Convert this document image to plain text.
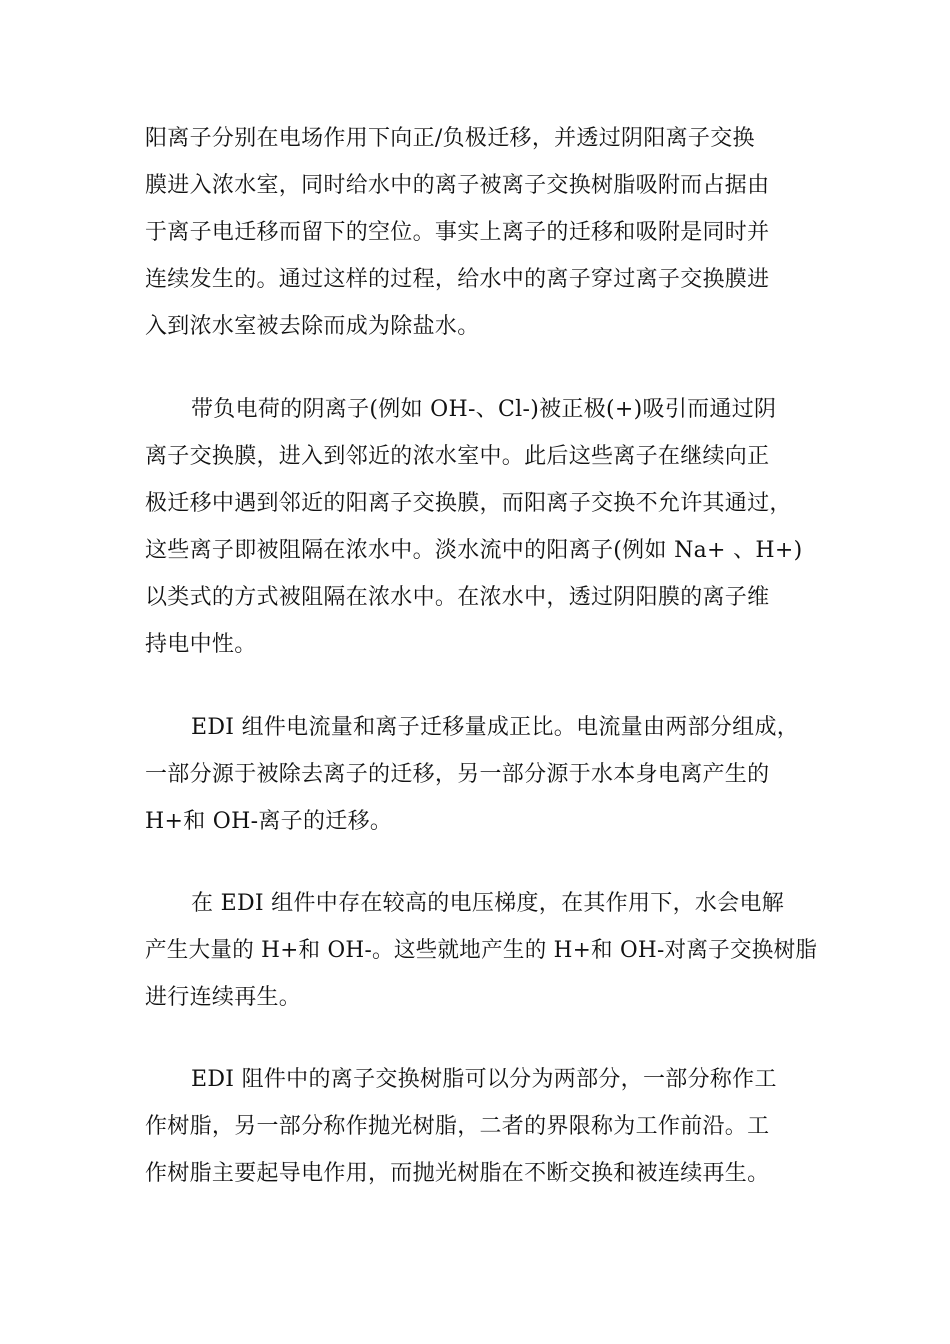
阳离子分别在电场作用下向正/负极迁移，并透过阴阳离子交换
膜进入浓水室，同时给水中的离子被离子交换树脂吸附而占据由
于离子电迁移而留下的空位。事实上离子的迁移和吸附是同时并
连续发生的。通过这样的过程，给水中的离子穿过离子交换膜进
入到浓水室被去除而成为除盐水。
带负电荷的阴离子(例如 OH-、Cl-)被正极(+)吸引而通过阴
离子交换膜，进入到邻近的浓水室中。此后这些离子在继续向正
极迁移中遇到邻近的阳离子交换膜，而阳离子交换不允许其通过，
这些离子即被阻隔在浓水中。淡水流中的阳离子(例如 Na+ 、H+)
以类式的方式被阻隔在浓水中。在浓水中，透过阴阳膜的离子维
持电中性。
EDI 组件电流量和离子迁移量成正比。电流量由两部分组成，
一部分源于被除去离子的迁移，另一部分源于水本身电离产生的
H+和 OH-离子的迁移。
在 EDI 组件中存在较高的电压梯度，在其作用下，水会电解
产生大量的 H+和 OH-。这些就地产生的 H+和 OH-对离子交换树脂
进行连续再生。
EDI 阻件中的离子交换树脂可以分为两部分，一部分称作工
作树脂，另一部分称作抛光树脂，二者的界限称为工作前沿。工
作树脂主要起导电作用，而抛光树脂在不断交换和被连续再生。
